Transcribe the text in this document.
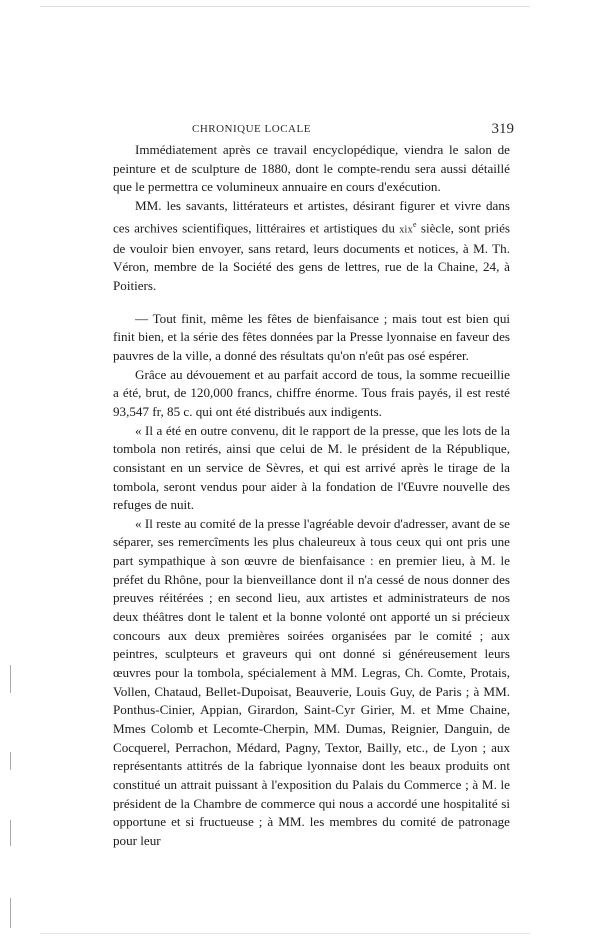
CHRONIQUE LOCALE	319

Immédiatement après ce travail encyclopédique, viendra le salon de peinture et de sculpture de 1880, dont le compte-rendu sera aussi détaillé que le permettra ce volumineux annuaire en cours d'exécution.

MM. les savants, littérateurs et artistes, désirant figurer et vivre dans ces archives scientifiques, littéraires et artistiques du xix$^e$ siècle, sont priés de vouloir bien envoyer, sans retard, leurs documents et notices, à M. Th. Véron, membre de la Société des gens de lettres, rue de la Chaine, 24, à Poitiers.

— Tout finit, même les fêtes de bienfaisance ; mais tout est bien qui finit bien, et la série des fêtes données par la Presse lyonnaise en faveur des pauvres de la ville, a donné des résultats qu'on n'eût pas osé espérer.

Grâce au dévouement et au parfait accord de tous, la somme recueillie a été, brut, de 120,000 francs, chiffre énorme. Tous frais payés, il est resté 93,547 fr, 85 c. qui ont été distribués aux indigents.

« Il a été en outre convenu, dit le rapport de la presse, que les lots de la tombola non retirés, ainsi que celui de M. le président de la République, consistant en un service de Sèvres, et qui est arrivé après le tirage de la tombola, seront vendus pour aider à la fondation de l'Œuvre nouvelle des refuges de nuit.

« Il reste au comité de la presse l'agréable devoir d'adresser, avant de se séparer, ses remercîments les plus chaleureux à tous ceux qui ont pris une part sympathique à son œuvre de bienfaisance : en premier lieu, à M. le préfet du Rhône, pour la bienveillance dont il n'a cessé de nous donner des preuves réitérées ; en second lieu, aux artistes et administrateurs de nos deux théâtres dont le talent et la bonne volonté ont apporté un si précieux concours aux deux premières soirées organisées par le comité ; aux peintres, sculpteurs et graveurs qui ont donné si généreusement leurs œuvres pour la tombola, spécialement à MM. Legras, Ch. Comte, Protais, Vollen, Chataud, Bellet-Dupoisat, Beauverie, Louis Guy, de Paris ; à MM. Ponthus-Cinier, Appian, Girardon, Saint-Cyr Girier, M. et Mme Chaine, Mmes Colomb et Lecomte-Cherpin, MM. Dumas, Reignier, Danguin, de Cocquerel, Perrachon, Médard, Pagny, Textor, Bailly, etc., de Lyon ; aux représentants attitrés de la fabrique lyonnaise dont les beaux produits ont constitué un attrait puissant à l'exposition du Palais du Commerce ; à M. le président de la Chambre de commerce qui nous a accordé une hospitalité si opportune et si fructueuse ; à MM. les membres du comité de patronage pour leur
